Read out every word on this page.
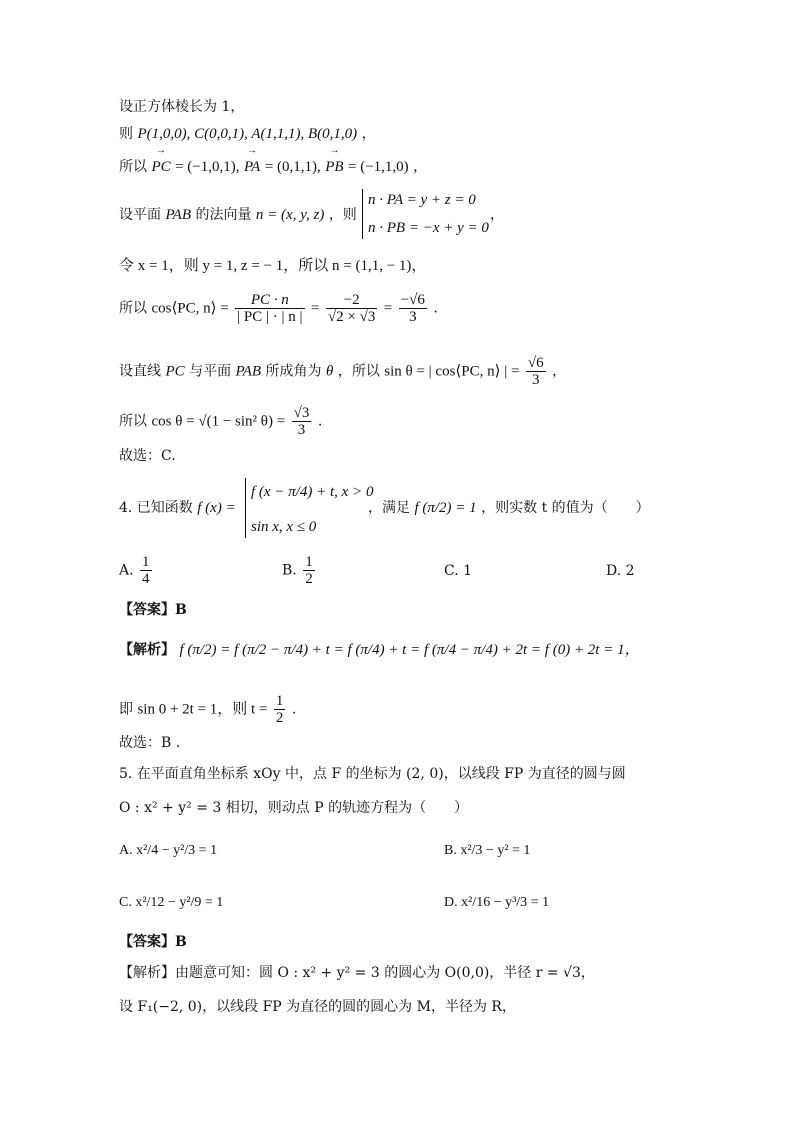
设正方体棱长为 1，
则 P(1,0,0), C(0,0,1), A(1,1,1), B(0,1,0) ，
所以 → PC = (−1,0,1), → PA = (0,1,1), → PB = (−1,1,0) ，
设平面 PAB 的法向量 n = (x, y, z) ，则
n · PA = y + z = 0
n · PB = −x + y = 0
，
令 x = 1，则 y = 1, z = − 1，所以 n = (1,1, − 1)，
所以 cos⟨PC, n⟩ = $\frac{PC \cdot n}{| PC | \cdot | n |} = \frac{-2}{√2 \times √3} = \frac{-√6}{3}$ .
设直线 PC 与平面 PAB 所成角为 θ ，所以 sin θ = | cos⟨PC, n⟩ | = $\frac{√6}{3}$ ，
所以 cos θ = √(1 − sin² $\theta) = \frac{√3}{3}$ .
故选：C.
4. 已知函数 f (x) =
f (x − π/4) + t, x > 0
sin x, x ≤ 0
，满足 f (π/2) = 1 ，则实数 t 的值为（　　）
A. $\frac{1}{4}$	B. $\frac{1}{2}$	C. 1	D. 2
【答案】B
【解析】 f (π/2) = f (π/2 − π/4) + t = f (π/4) + t = f (π/4 − π/4) + 2t = f (0) + 2t = 1，
即 sin 0 + 2t = 1，则 $t = \frac{1}{2}$ .
故选：B .
5. 在平面直角坐标系 xOy 中，点 F 的坐标为 (2, 0)，以线段 FP 为直径的圆与圆
O : x² + y² = 3 相切，则动点 P 的轨迹方程为（　　）
A. x²/4 − y²/3 = 1	B. x²/3 − y² = 1
C. x²/12 − y²/9 = 1	D. x²/16 − y³/3 = 1
【答案】B
【解析】由题意可知：圆 O : x² + y² = 3 的圆心为 O(0,0)，半径 r = √3，
设 F₁(−2, 0)，以线段 FP 为直径的圆的圆心为 M，半径为 R，
